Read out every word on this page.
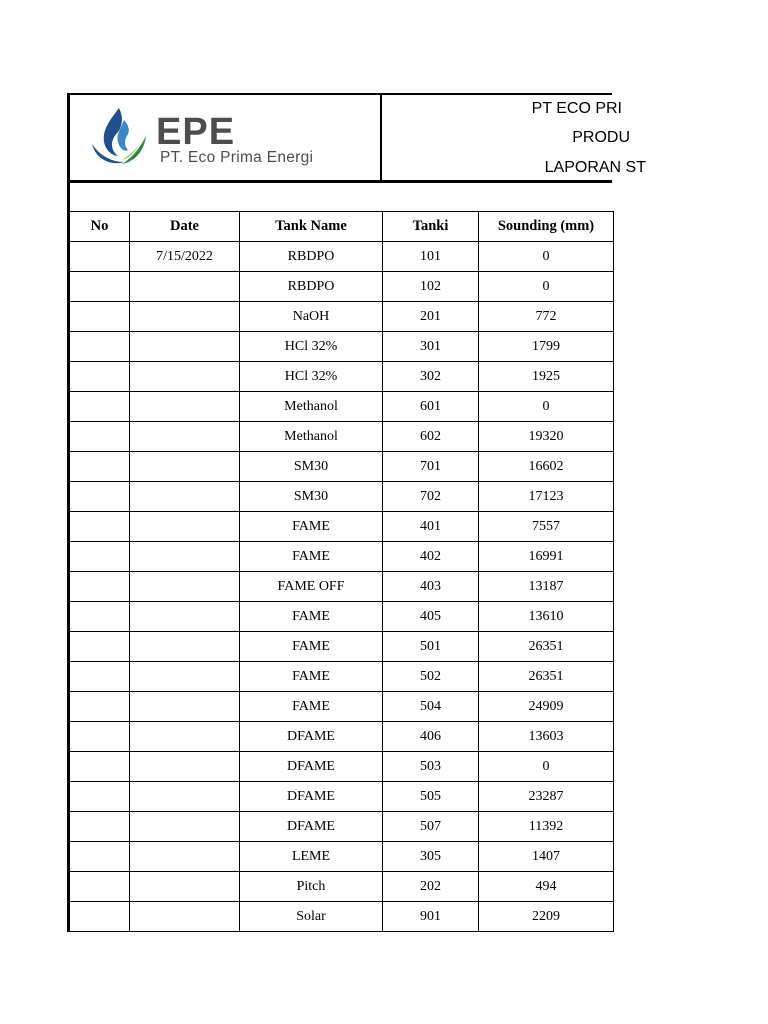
EPE
PT. Eco Prima Energi
PT ECO PRI
PRODU
LAPORAN ST
No	Date	Tank Name	Tanki	Sounding (mm)
	7/15/2022	RBDPO	101	0
		RBDPO	102	0
		NaOH	201	772
		HCl 32%	301	1799
		HCl 32%	302	1925
		Methanol	601	0
		Methanol	602	19320
		SM30	701	16602
		SM30	702	17123
		FAME	401	7557
		FAME	402	16991
		FAME OFF	403	13187
		FAME	405	13610
		FAME	501	26351
		FAME	502	26351
		FAME	504	24909
		DFAME	406	13603
		DFAME	503	0
		DFAME	505	23287
		DFAME	507	11392
		LEME	305	1407
		Pitch	202	494
		Solar	901	2209
